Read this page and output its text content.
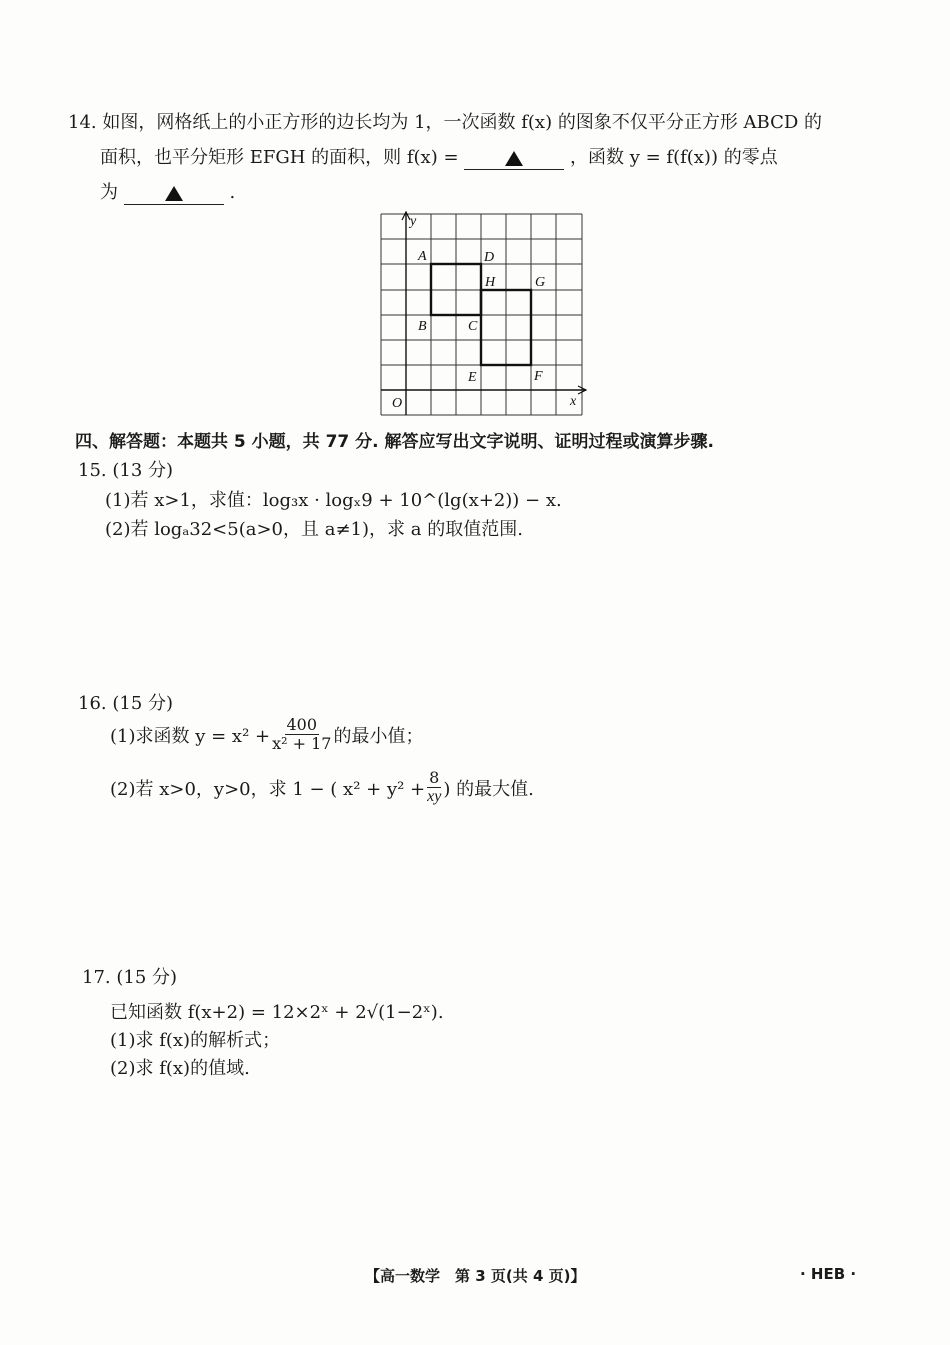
14. 如图，网格纸上的小正方形的边长均为 1，一次函数 f(x) 的图象不仅平分正方形 ABCD 的
面积，也平分矩形 EFGH 的面积，则 f(x) =	，函数 y = f(f(x)) 的零点
为	.
y
x
O
A	D
H	G
B	C
E	F
四、解答题：本题共 5 小题，共 77 分. 解答应写出文字说明、证明过程或演算步骤.
15. (13 分)
(1)若 x>1，求值：log₃x · logₓ9 + 10^(lg(x+2)) − x.
(2)若 logₐ32<5(a>0，且 a≠1)，求 a 的取值范围.
16. (15 分)
(1)求函数 $y = x^2 + \frac{400}{\text{x² + 17}}$ 的最小值；
(2)若 x>0，y>0，求 1 − ( $x^2 + y^2 + \frac{8}{xy}$ ) 的最大值.
17. (15 分)
已知函数 f(x+2) = 12×2ˣ + 2√(1−2ˣ).
(1)求 f(x)的解析式；
(2)求 f(x)的值域.
【高一数学　第 3 页(共 4 页)】	· HEB ·
